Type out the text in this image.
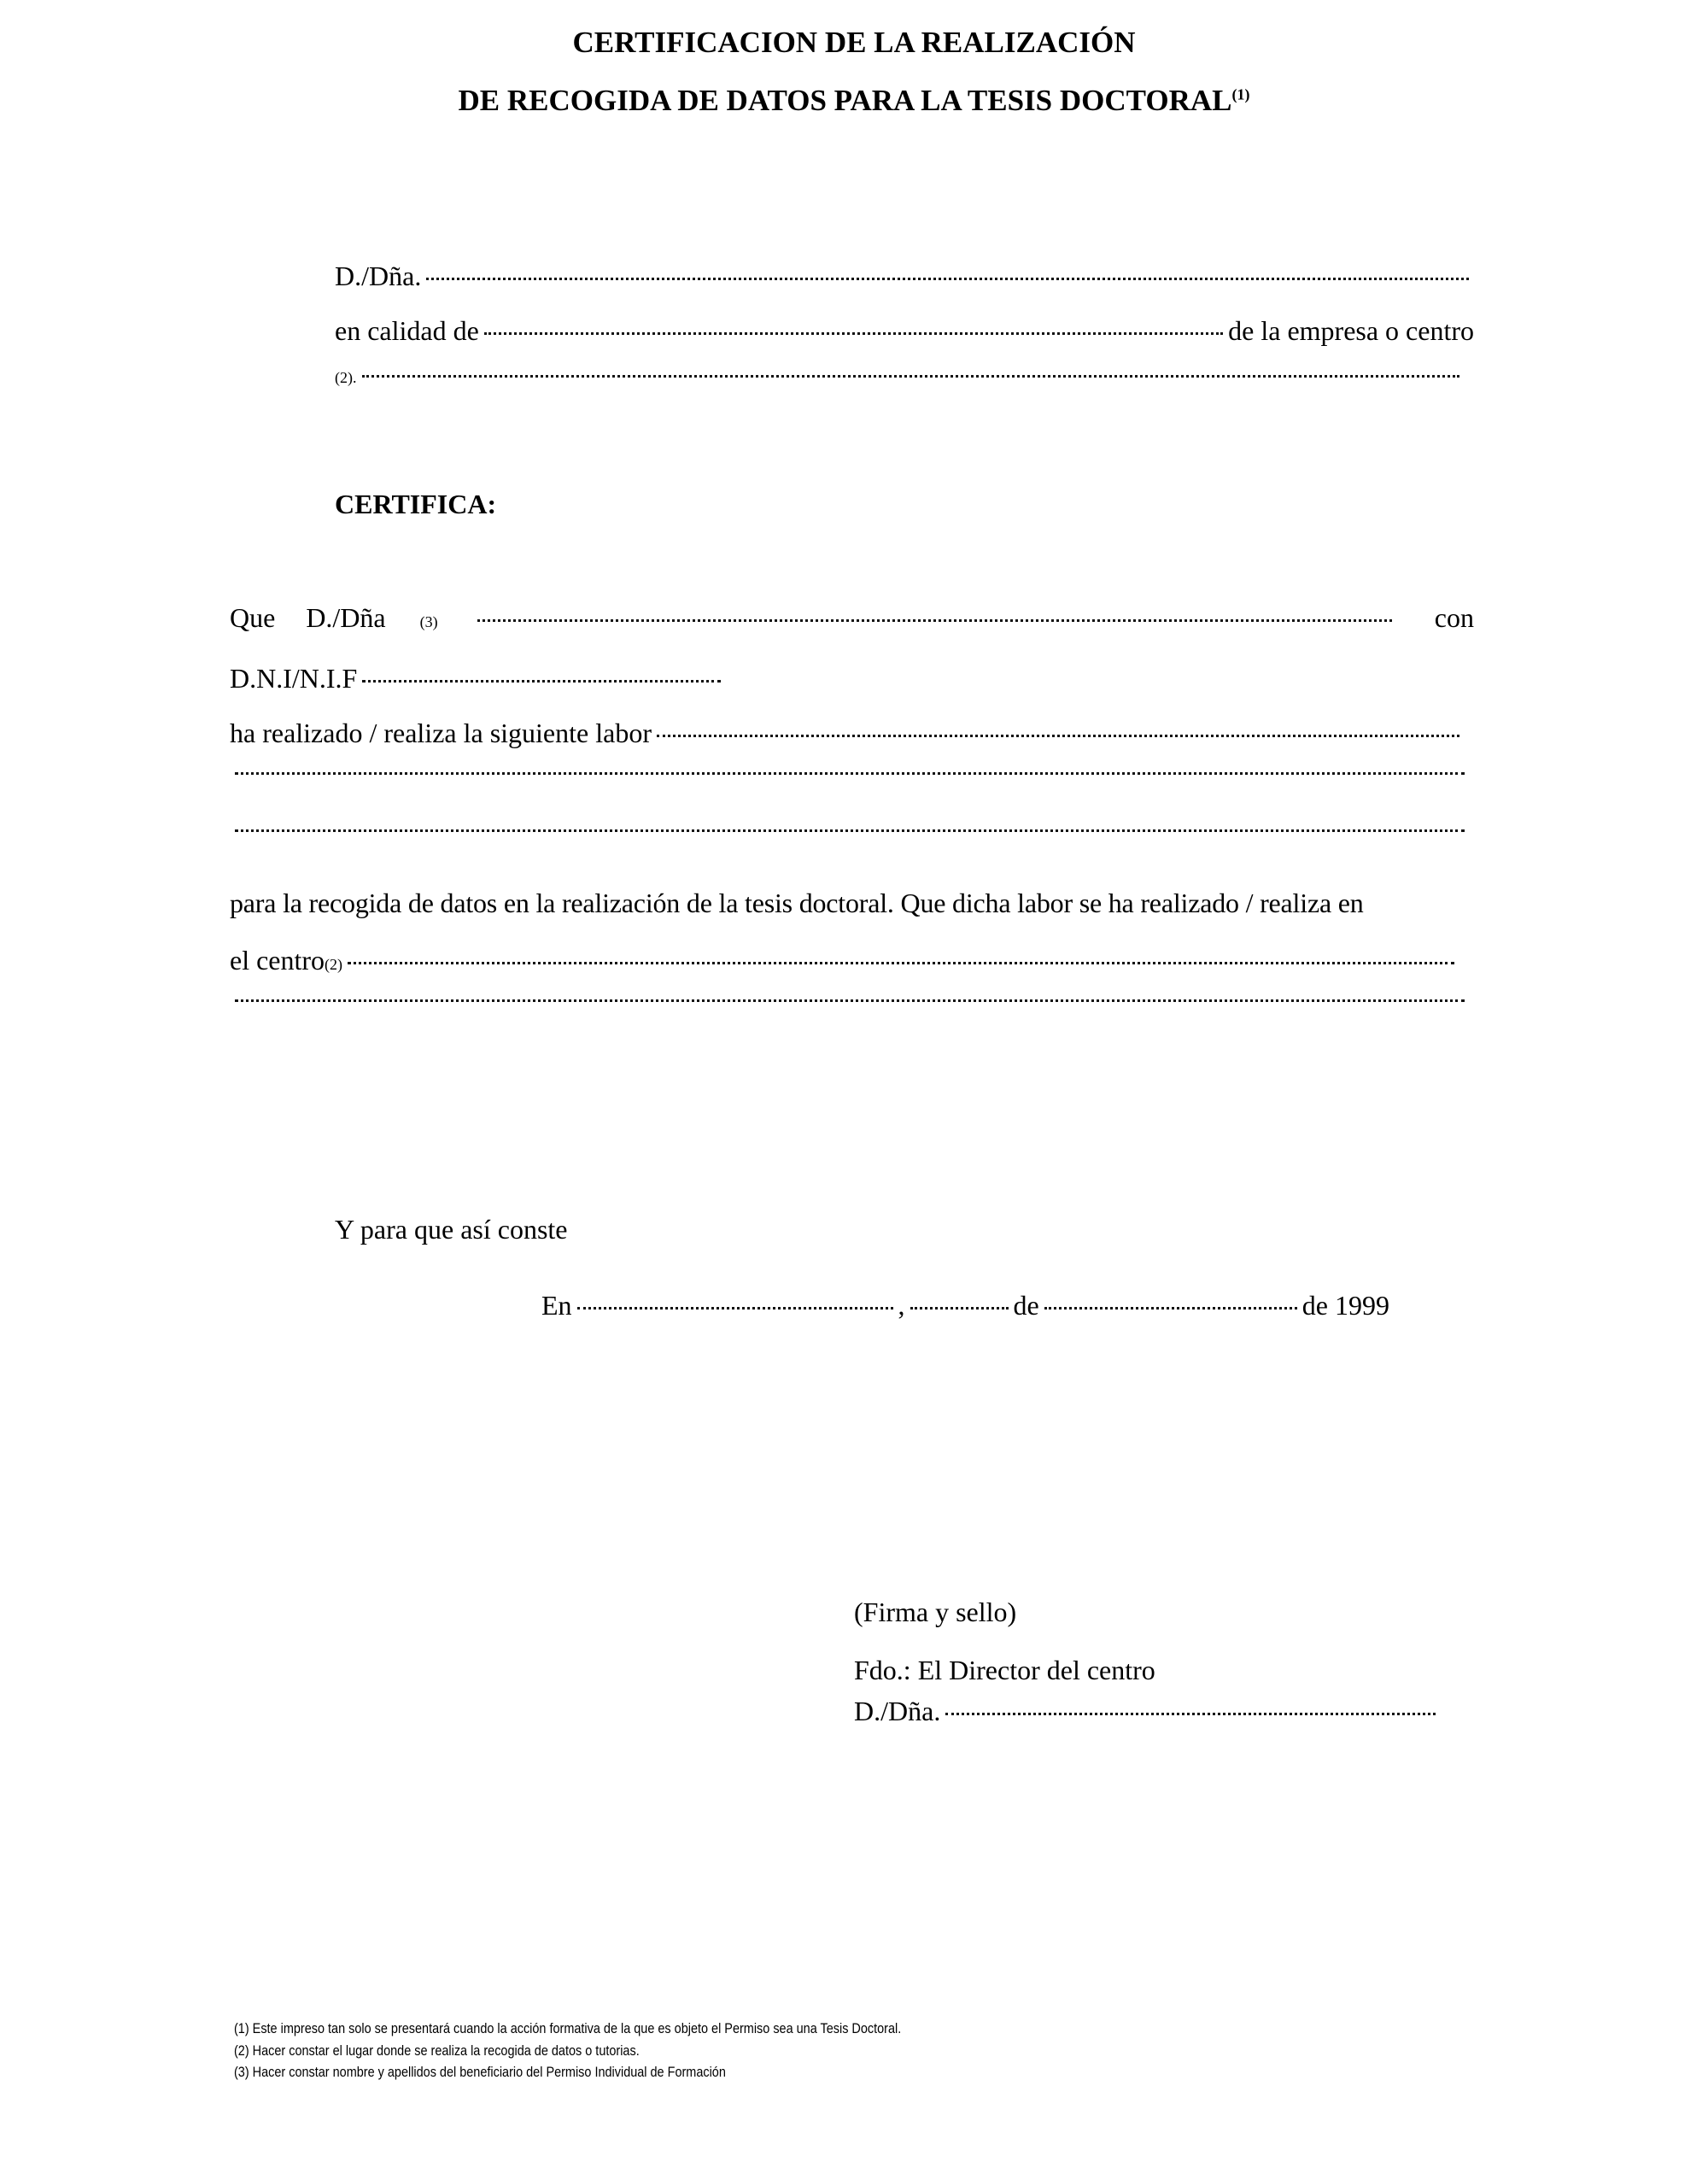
CERTIFICACION DE LA REALIZACIÓN
DE RECOGIDA DE DATOS PARA LA TESIS DOCTORAL$^{(1)}$
D./Dña.
en calidad de	de la empresa o centro
(2).
CERTIFICA:
Que D./Dña (3)	con
D.N.I/N.I.F
ha realizado / realiza la siguiente labor
para la recogida de datos en la realización de la tesis doctoral. Que dicha labor se ha realizado / realiza en
el centro (2)
Y para que así conste
En	,	de	de 1999
(Firma y sello)
Fdo.: El Director del centro
D./Dña.
(1) Este impreso tan solo se presentará cuando la acción formativa de la que es objeto el Permiso sea una Tesis Doctoral.
(2) Hacer constar el lugar donde se realiza la recogida de datos o tutorias.
(3) Hacer constar nombre y apellidos del beneficiario del Permiso Individual de Formación
